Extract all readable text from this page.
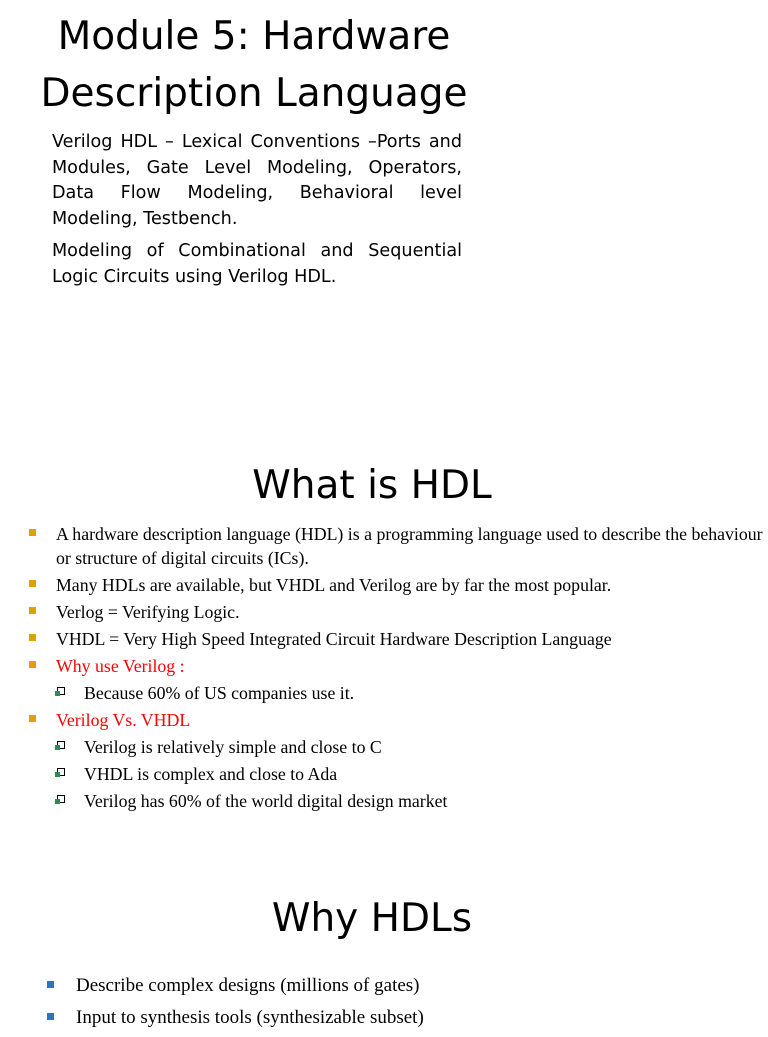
Module 5: Hardware
Description Language

Verilog HDL – Lexical Conventions –Ports and Modules, Gate Level Modeling, Operators, Data Flow Modeling, Behavioral level Modeling, Testbench.

Modeling of Combinational and Sequential Logic Circuits using Verilog HDL.

What is HDL
A hardware description language (HDL) is a programming language used to describe the behaviour or structure of digital circuits (ICs).
Many HDLs are available, but VHDL and Verilog are by far the most popular.
Verlog = Verifying Logic.
VHDL = Very High Speed Integrated Circuit Hardware Description Language
Why use Verilog :
Because 60% of US companies use it.
Verilog Vs. VHDL
Verilog is relatively simple and close to C
VHDL is complex and close to Ada
Verilog has 60% of the world digital design market
Why HDLs
Describe complex designs (millions of gates)
Input to synthesis tools (synthesizable subset)
